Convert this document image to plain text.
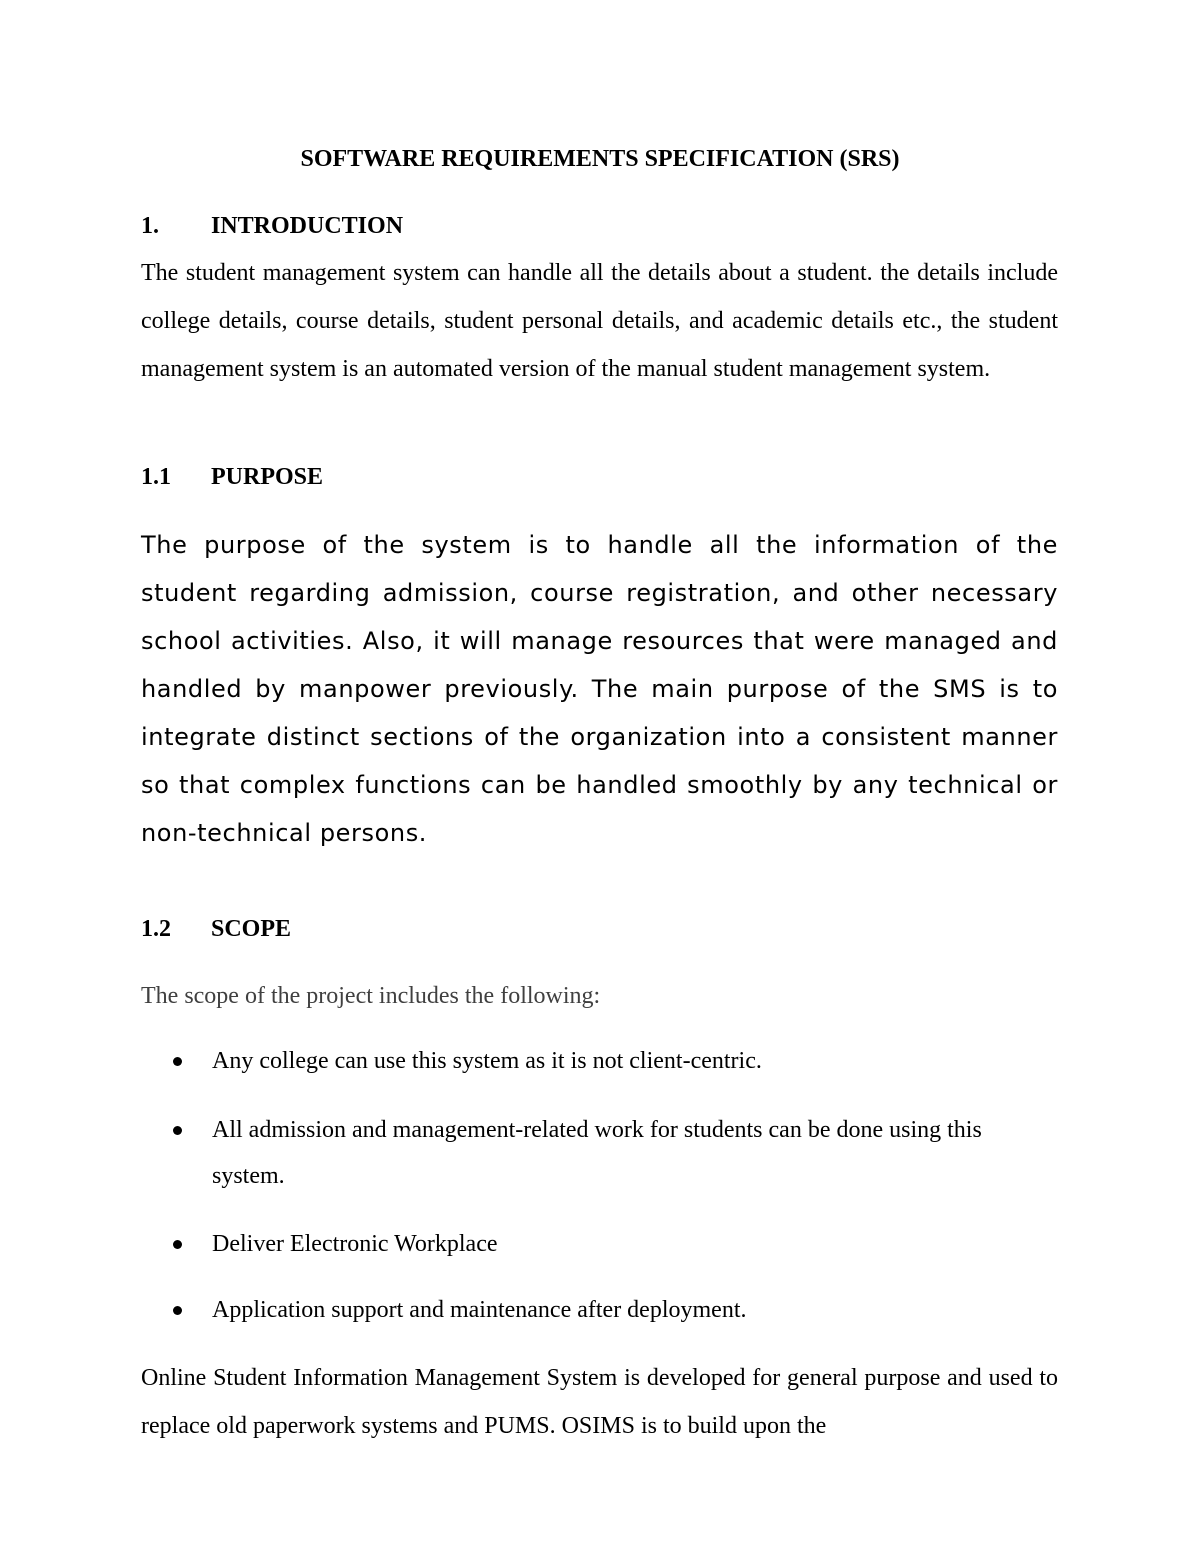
SOFTWARE REQUIREMENTS SPECIFICATION (SRS)
1. INTRODUCTION

The student management system can handle all the details about a student. the details include college details, course details, student personal details, and academic details etc., the student management system is an automated version of the manual student management system.

1.1 PURPOSE

The purpose of the system is to handle all the information of the student regarding admission, course registration, and other necessary school activities. Also, it will manage resources that were managed and handled by manpower previously. The main purpose of the SMS is to integrate distinct sections of the organization into a consistent manner so that complex functions can be handled smoothly by any technical or non-technical persons.

1.2 SCOPE

The scope of the project includes the following:

Any college can use this system as it is not client-centric.
All admission and management-related work for students can be done using this system.
Deliver Electronic Workplace
Application support and maintenance after deployment.

Online Student Information Management System is developed for general purpose and used to replace old paperwork systems and PUMS. OSIMS is to build upon the
